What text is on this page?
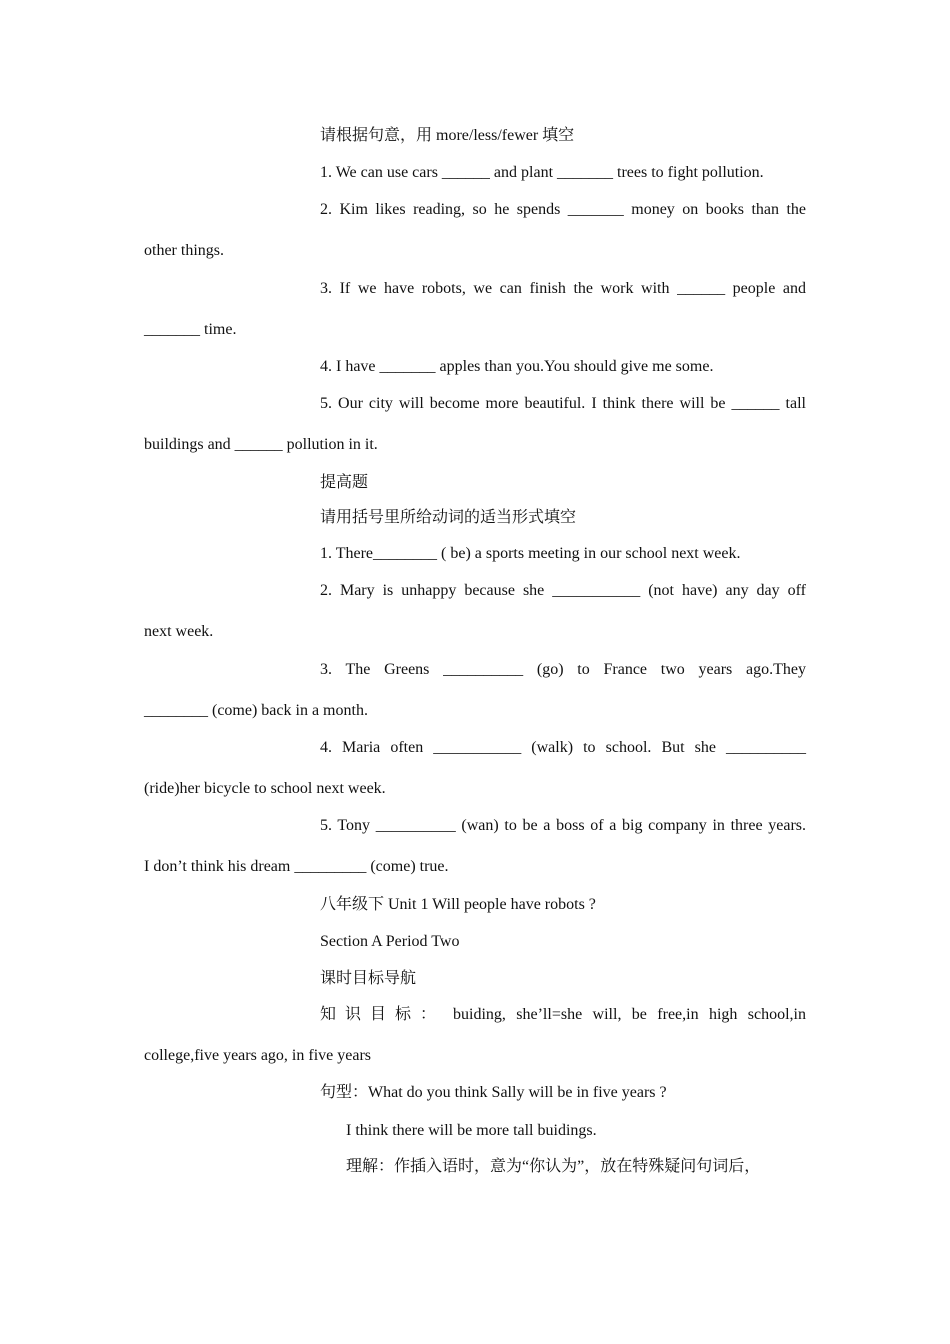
请根据句意，用 more/less/fewer 填空
1. We can use cars ______ and plant _______ trees to fight pollution.
2. Kim likes reading, so he spends _______ money on books than the
other things.
3. If we have robots, we can finish the work with ______ people and
_______ time.
4. I have _______ apples than you.You should give me some.
5. Our city will become more beautiful. I think there will be ______ tall
buildings and ______ pollution in it.
提高题
请用括号里所给动词的适当形式填空
1. There________ ( be) a sports meeting in our school next week.
2. Mary is unhappy because she ___________ (not have) any day off
next week.
3. The Greens __________ (go) to France two years ago.They
________ (come) back in a month.
4. Maria often ___________ (walk) to school. But she __________
(ride)her bicycle to school next week.
5. Tony __________ (wan) to be a boss of a big company in three years.
I don’t think his dream _________ (come) true.
八年级下 Unit 1 Will people have robots ?
Section A Period Two
课时目标导航
知识目标： buiding, she’ll=she will, be free,in high school,in
college,five years ago, in five years
句型：What do you think Sally will be in five years ?
I think there will be more tall buidings.
理解：作插入语时，意为“你认为”，放在特殊疑问句词后，
